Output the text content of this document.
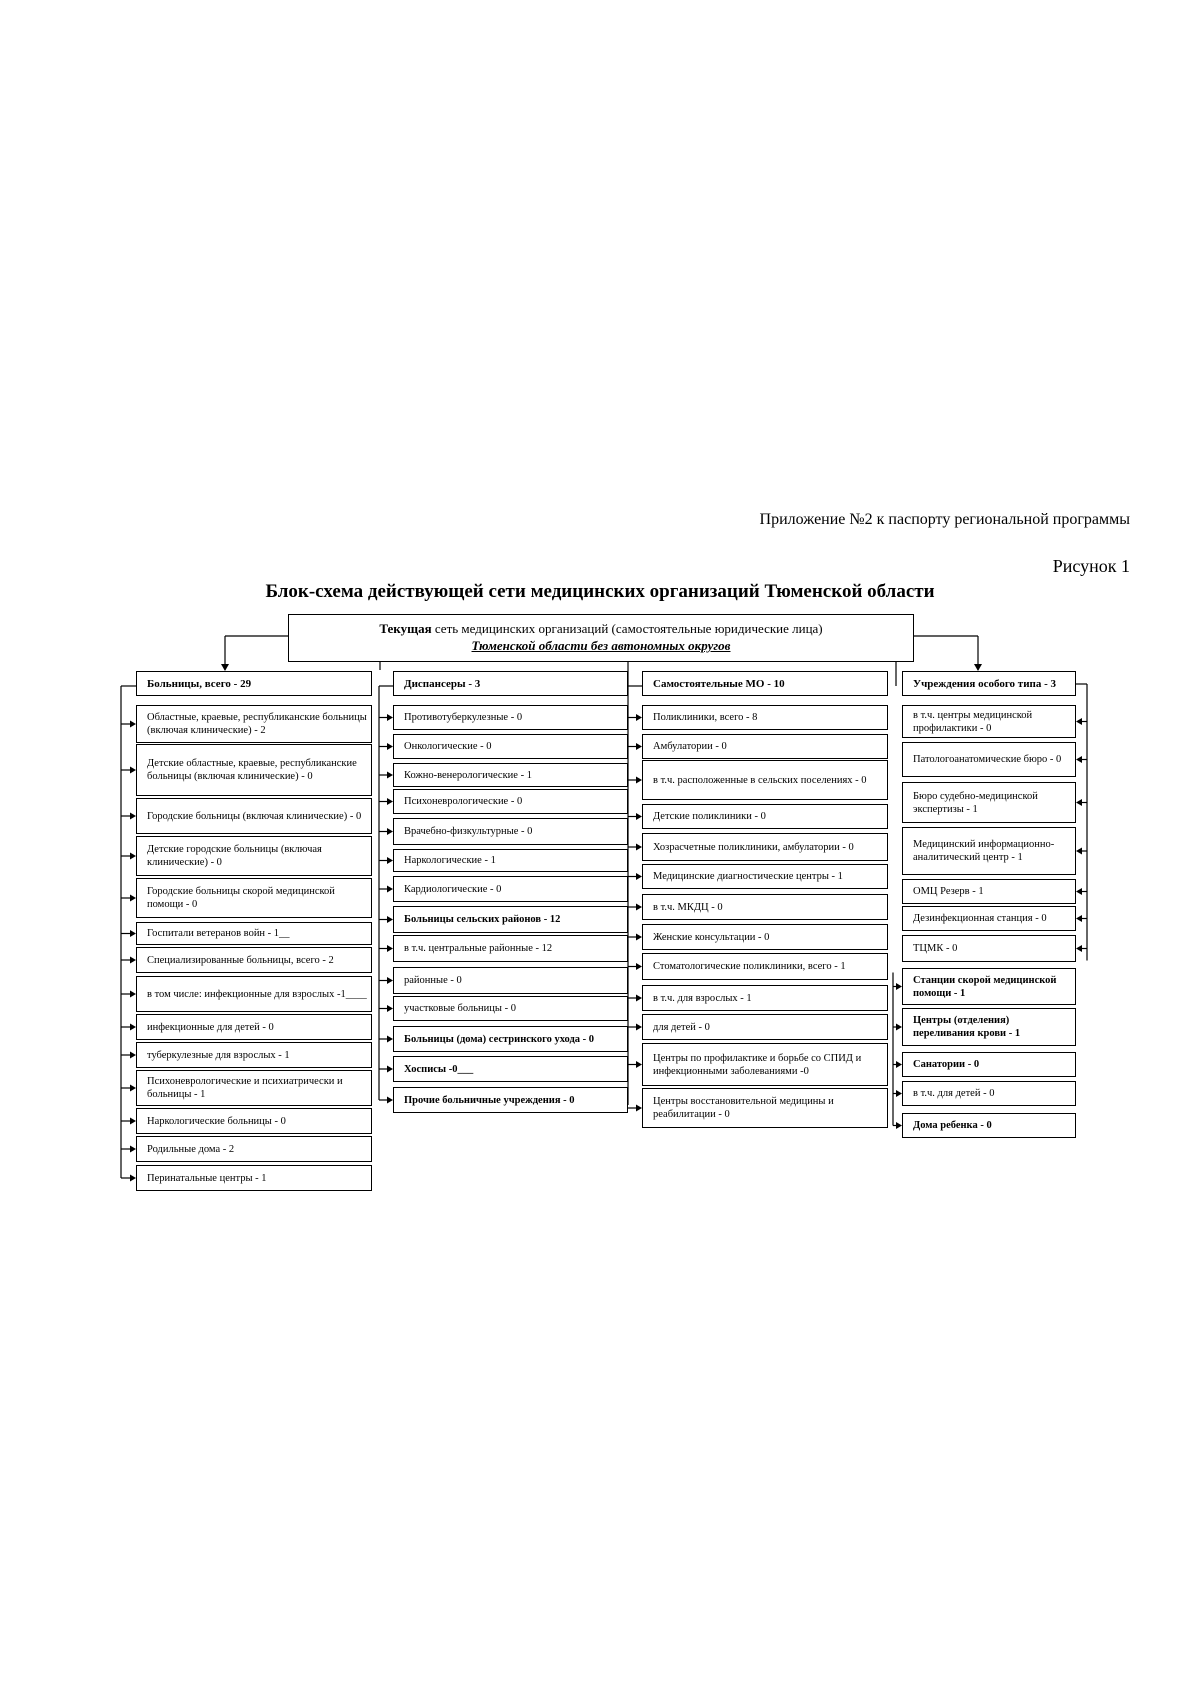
Приложение №2 к паспорту региональной программы
Рисунок 1
Блок-схема действующей сети медицинских организаций Тюменской области
Текущая сеть медицинских организаций (самостоятельные юридические лица)
Тюменской области без автономных округов
Больницы, всего - 29
Областные, краевые, республиканские больницы (включая клинические) - 2
Детские областные, краевые, республиканские больницы (включая клинические) - 0
Городские больницы (включая клинические) - 0
Детские городские больницы (включая клинические) - 0
Городские больницы скорой медицинской помощи - 0
Госпитали ветеранов войн - 1__
Специализированные больницы, всего - 2
в том числе: инфекционные для взрослых -1____
инфекционные для детей - 0
туберкулезные для взрослых - 1
Психоневрологические и психиатрически и больницы - 1
Наркологические больницы - 0
Родильные дома - 2
Перинатальные центры - 1
Диспансеры - 3
Противотуберкулезные - 0
Онкологические - 0
Кожно-венерологические - 1
Психоневрологические - 0
Врачебно-физкультурные - 0
Наркологические - 1
Кардиологические - 0
Больницы сельских районов - 12
в т.ч. центральные районные - 12
районные - 0
участковые больницы - 0
Больницы (дома) сестринского ухода - 0
Хосписы -0___
Прочие больничные учреждения - 0
Самостоятельные МО - 10
Поликлиники, всего - 8
Амбулатории - 0
в т.ч. расположенные в сельских поселениях - 0
Детские поликлиники - 0
Хозрасчетные поликлиники, амбулатории - 0
Медицинские диагностические центры - 1
в т.ч. МКДЦ - 0
Женские консультации - 0
Стоматологические поликлиники, всего - 1
в т.ч. для взрослых - 1
для детей - 0
Центры по профилактике и борьбе со СПИД и инфекционными заболеваниями -0
Центры восстановительной медицины и реабилитации - 0
Учреждения особого типа - 3
в т.ч. центры медицинской профилактики - 0
Патологоанатомические бюро - 0
Бюро судебно-медицинской экспертизы - 1
Медицинский информационно-аналитический центр - 1
ОМЦ Резерв - 1
Дезинфекционная станция - 0
ТЦМК - 0
Станции скорой медицинской помощи - 1
Центры (отделения) переливания крови - 1
Санатории - 0
в т.ч. для детей - 0
Дома ребенка - 0
